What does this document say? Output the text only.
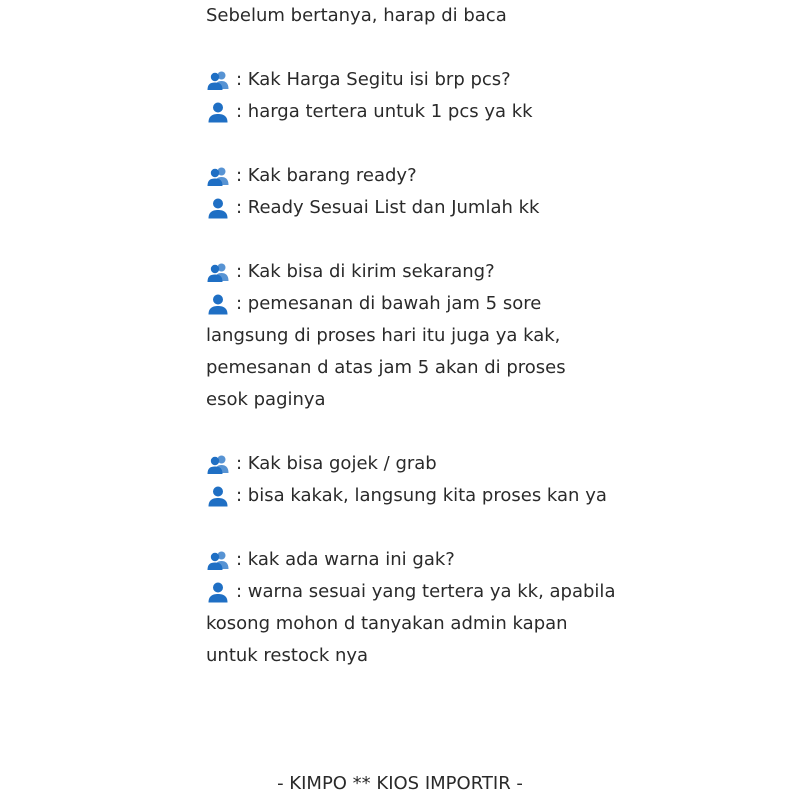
Sebelum bertanya, harap di baca
: Kak Harga Segitu isi brp pcs?
: harga tertera untuk 1 pcs ya kk
: Kak barang ready?
: Ready Sesuai List dan Jumlah kk
: Kak bisa di kirim sekarang?
: pemesanan di bawah jam 5 sore
langsung di proses hari itu juga ya kak,
pemesanan d atas jam 5 akan di proses
esok paginya
: Kak bisa gojek / grab
: bisa kakak, langsung kita proses kan ya
: kak ada warna ini gak?
: warna sesuai yang tertera ya kk, apabila
kosong mohon d tanyakan admin kapan
untuk restock nya
- KIMPO ** KIOS IMPORTIR -
